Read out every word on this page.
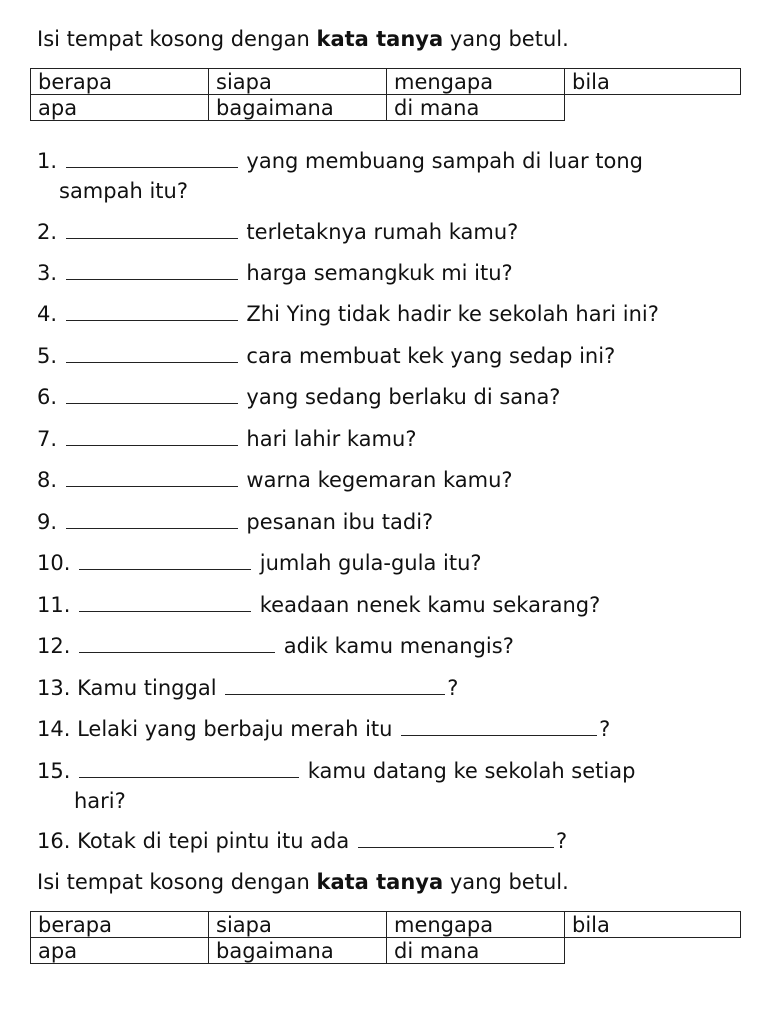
Isi tempat kosong dengan kata tanya yang betul.
berapa	siapa	mengapa	bila
apa	bagaimana	di mana	
1.	yang membuang sampah di luar tong
sampah itu?
2.	terletaknya rumah kamu?
3.	harga semangkuk mi itu?
4.	Zhi Ying tidak hadir ke sekolah hari ini?
5.	cara membuat kek yang sedap ini?
6.	yang sedang berlaku di sana?
7.	hari lahir kamu?
8.	warna kegemaran kamu?
9.	pesanan ibu tadi?
10.	jumlah gula-gula itu?
11.	keadaan nenek kamu sekarang?
12.	adik kamu menangis?
13. Kamu tinggal	?
14. Lelaki yang berbaju merah itu	?
15.	kamu datang ke sekolah setiap
hari?
16. Kotak di tepi pintu itu ada	?
Isi tempat kosong dengan kata tanya yang betul.
berapa	siapa	mengapa	bila
apa	bagaimana	di mana	
